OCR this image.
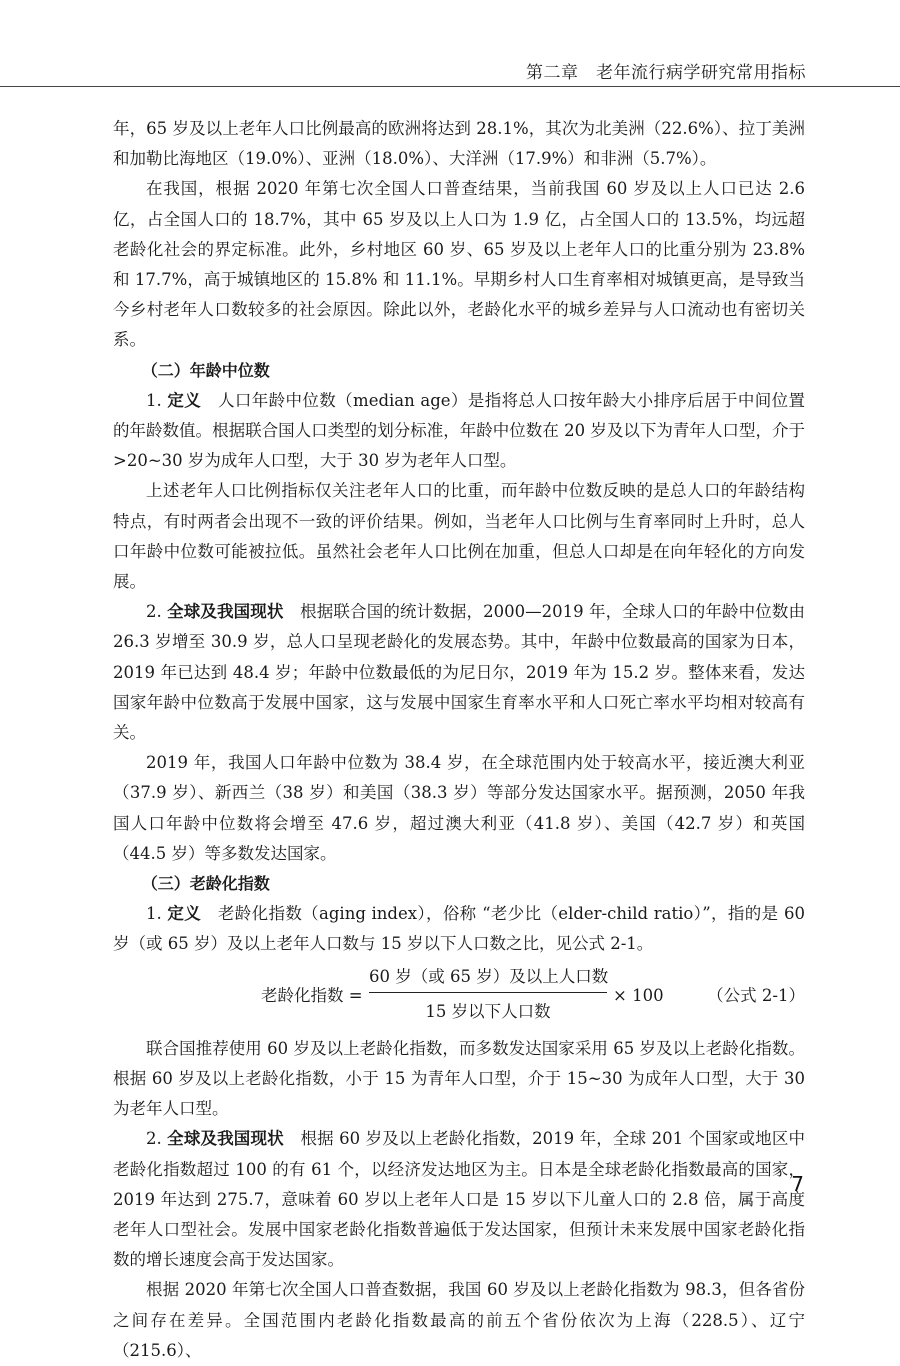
第二章　老年流行病学研究常用指标

年，65 岁及以上老年人口比例最高的欧洲将达到 28.1%，其次为北美洲（22.6%）、拉丁美洲和加勒比海地区（19.0%）、亚洲（18.0%）、大洋洲（17.9%）和非洲（5.7%）。

在我国，根据 2020 年第七次全国人口普查结果，当前我国 60 岁及以上人口已达 2.6 亿，占全国人口的 18.7%，其中 65 岁及以上人口为 1.9 亿，占全国人口的 13.5%，均远超老龄化社会的界定标准。此外，乡村地区 60 岁、65 岁及以上老年人口的比重分别为 23.8% 和 17.7%，高于城镇地区的 15.8% 和 11.1%。早期乡村人口生育率相对城镇更高，是导致当今乡村老年人口数较多的社会原因。除此以外，老龄化水平的城乡差异与人口流动也有密切关系。

（二）年龄中位数

1. 定义　 人口年龄中位数（median age）是指将总人口按年龄大小排序后居于中间位置的年龄数值。根据联合国人口类型的划分标准，年龄中位数在 20 岁及以下为青年人口型，介于 >20~30 岁为成年人口型，大于 30 岁为老年人口型。

上述老年人口比例指标仅关注老年人口的比重，而年龄中位数反映的是总人口的年龄结构特点，有时两者会出现不一致的评价结果。例如，当老年人口比例与生育率同时上升时，总人口年龄中位数可能被拉低。虽然社会老年人口比例在加重，但总人口却是在向年轻化的方向发展。

2. 全球及我国现状　 根据联合国的统计数据，2000—2019 年，全球人口的年龄中位数由 26.3 岁增至 30.9 岁，总人口呈现老龄化的发展态势。其中，年龄中位数最高的国家为日本，2019 年已达到 48.4 岁；年龄中位数最低的为尼日尔，2019 年为 15.2 岁。整体来看，发达国家年龄中位数高于发展中国家，这与发展中国家生育率水平和人口死亡率水平均相对较高有关。

2019 年，我国人口年龄中位数为 38.4 岁，在全球范围内处于较高水平，接近澳大利亚（37.9 岁）、新西兰（38 岁）和美国（38.3 岁）等部分发达国家水平。据预测，2050 年我国人口年龄中位数将会增至 47.6 岁，超过澳大利亚（41.8 岁）、美国（42.7 岁）和英国（44.5 岁）等多数发达国家。

（三）老龄化指数

1. 定义　 老龄化指数（aging index），俗称 “老少比（elder-child ratio）”，指的是 60 岁（或 65 岁）及以上老年人口数与 15 岁以下人口数之比，见公式 2-1。

老龄化指数 =
60 岁（或 65 岁）及以上人口数
15 岁以下人口数
× 100	（公式 2-1）

联合国推荐使用 60 岁及以上老龄化指数，而多数发达国家采用 65 岁及以上老龄化指数。根据 60 岁及以上老龄化指数，小于 15 为青年人口型，介于 15~30 为成年人口型，大于 30 为老年人口型。

2. 全球及我国现状　 根据 60 岁及以上老龄化指数，2019 年，全球 201 个国家或地区中老龄化指数超过 100 的有 61 个，以经济发达地区为主。日本是全球老龄化指数最高的国家，2019 年达到 275.7，意味着 60 岁以上老年人口是 15 岁以下儿童人口的 2.8 倍，属于高度老年人口型社会。发展中国家老龄化指数普遍低于发达国家，但预计未来发展中国家老龄化指数的增长速度会高于发达国家。

根据 2020 年第七次全国人口普查数据，我国 60 岁及以上老龄化指数为 98.3，但各省份之间存在差异。全国范围内老龄化指数最高的前五个省份依次为上海（228.5）、辽宁（215.6）、

7
